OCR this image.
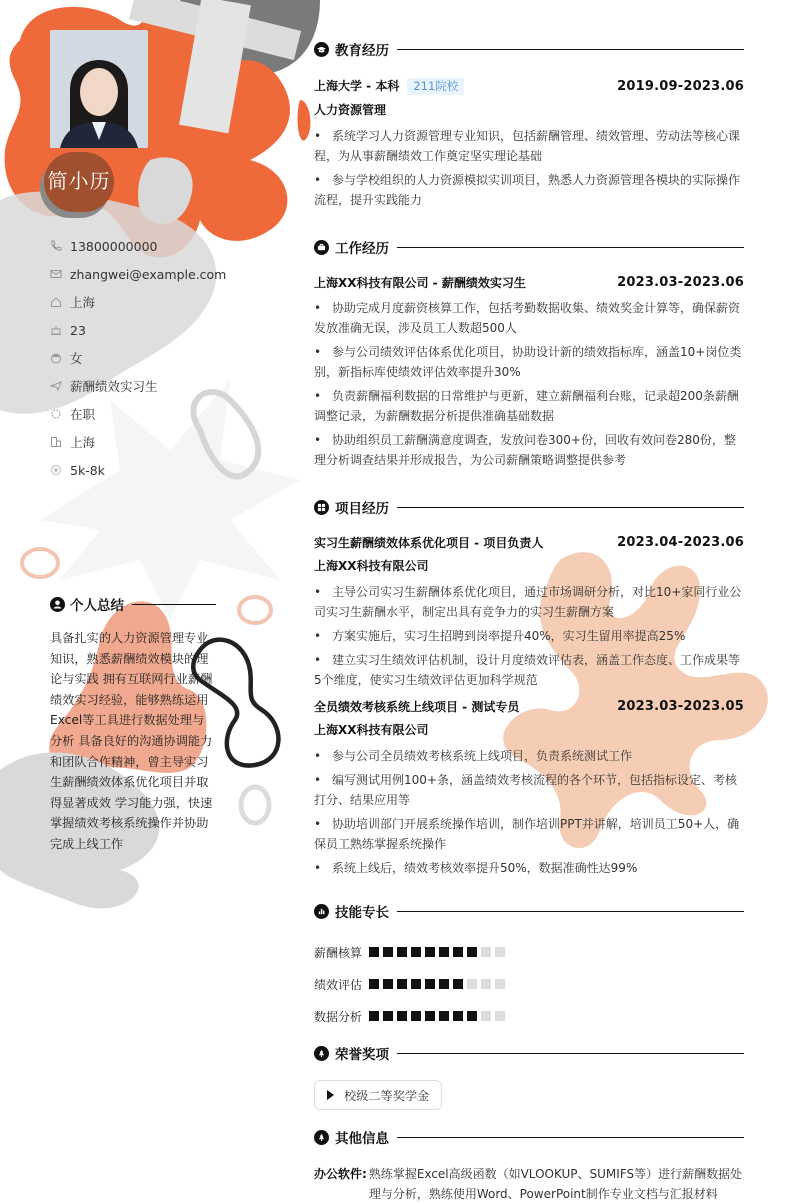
简小历
13800000000
zhangwei@example.com
上海
23
女
薪酬绩效实习生
在职
上海
5k-8k
个人总结
具备扎实的人力资源管理专业知识，熟悉薪酬绩效模块的理论与实践 拥有互联网行业薪酬绩效实习经验，能够熟练运用Excel等工具进行数据处理与分析 具备良好的沟通协调能力和团队合作精神，曾主导实习生薪酬绩效体系优化项目并取得显著成效 学习能力强，快速掌握绩效考核系统操作并协助完成上线工作
教育经历
上海大学 - 本科 211院校	2019.09-2023.06
人力资源管理
• 系统学习人力资源管理专业知识，包括薪酬管理、绩效管理、劳动法等核心课程，为从事薪酬绩效工作奠定坚实理论基础
• 参与学校组织的人力资源模拟实训项目，熟悉人力资源管理各模块的实际操作流程，提升实践能力
工作经历
上海XX科技有限公司 - 薪酬绩效实习生	2023.03-2023.06
• 协助完成月度薪资核算工作，包括考勤数据收集、绩效奖金计算等，确保薪资发放准确无误，涉及员工人数超500人
• 参与公司绩效评估体系优化项目，协助设计新的绩效指标库，涵盖10+岗位类别，新指标库使绩效评估效率提升30%
• 负责薪酬福利数据的日常维护与更新，建立薪酬福利台账，记录超200条薪酬调整记录，为薪酬数据分析提供准确基础数据
• 协助组织员工薪酬满意度调查，发放问卷300+份，回收有效问卷280份，整理分析调查结果并形成报告，为公司薪酬策略调整提供参考
项目经历
实习生薪酬绩效体系优化项目 - 项目负责人	2023.04-2023.06
上海XX科技有限公司
• 主导公司实习生薪酬体系优化项目，通过市场调研分析，对比10+家同行业公司实习生薪酬水平，制定出具有竞争力的实习生薪酬方案
• 方案实施后，实习生招聘到岗率提升40%，实习生留用率提高25%
• 建立实习生绩效评估机制，设计月度绩效评估表，涵盖工作态度、工作成果等5个维度，使实习生绩效评估更加科学规范
全员绩效考核系统上线项目 - 测试专员	2023.03-2023.05
上海XX科技有限公司
• 参与公司全员绩效考核系统上线项目，负责系统测试工作
• 编写测试用例100+条，涵盖绩效考核流程的各个环节，包括指标设定、考核打分、结果应用等
• 协助培训部门开展系统操作培训，制作培训PPT并讲解，培训员工50+人，确保员工熟练掌握系统操作
• 系统上线后，绩效考核效率提升50%，数据准确性达99%
技能专长
薪酬核算
绩效评估
数据分析
荣誉奖项
校级二等奖学金
其他信息
办公软件: 熟练掌握Excel高级函数（如VLOOKUP、SUMIFS等）进行薪酬数据处理与分析，熟练使用Word、PowerPoint制作专业文档与汇报材料
